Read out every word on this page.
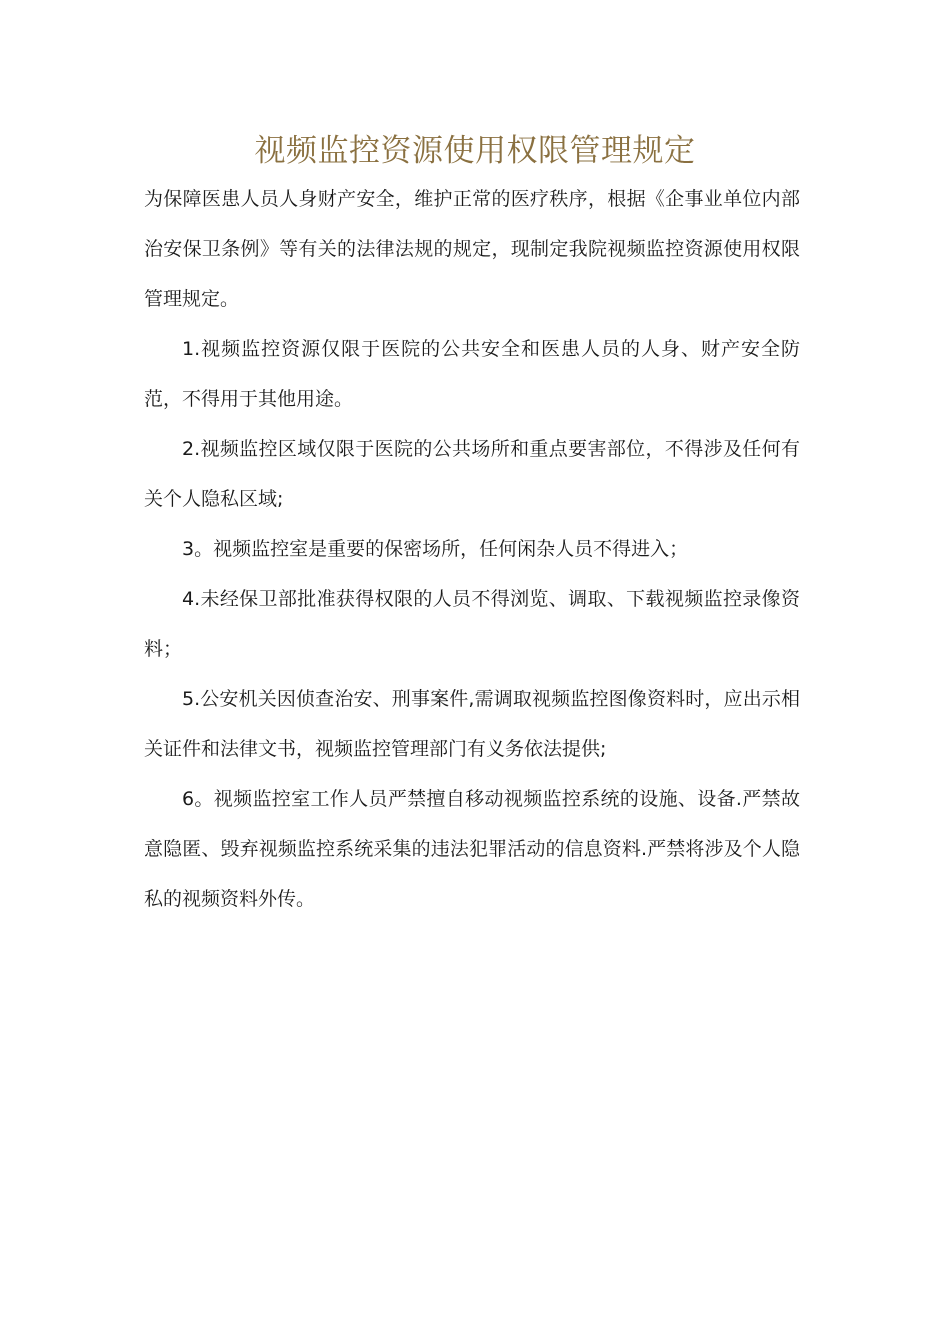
视频监控资源使用权限管理规定

为保障医患人员人身财产安全，维护正常的医疗秩序，根据《企事业单位内部治安保卫条例》等有关的法律法规的规定，现制定我院视频监控资源使用权限管理规定。

1.视频监控资源仅限于医院的公共安全和医患人员的人身、财产安全防范，不得用于其他用途。

2.视频监控区域仅限于医院的公共场所和重点要害部位，不得涉及任何有关个人隐私区域;

3。视频监控室是重要的保密场所，任何闲杂人员不得进入；

4.未经保卫部批准获得权限的人员不得浏览、调取、下载视频监控录像资料；

5.公安机关因侦查治安、刑事案件,需调取视频监控图像资料时，应出示相关证件和法律文书，视频监控管理部门有义务依法提供;

6。视频监控室工作人员严禁擅自移动视频监控系统的设施、设备.严禁故意隐匿、毁弃视频监控系统采集的违法犯罪活动的信息资料.严禁将涉及个人隐私的视频资料外传。
